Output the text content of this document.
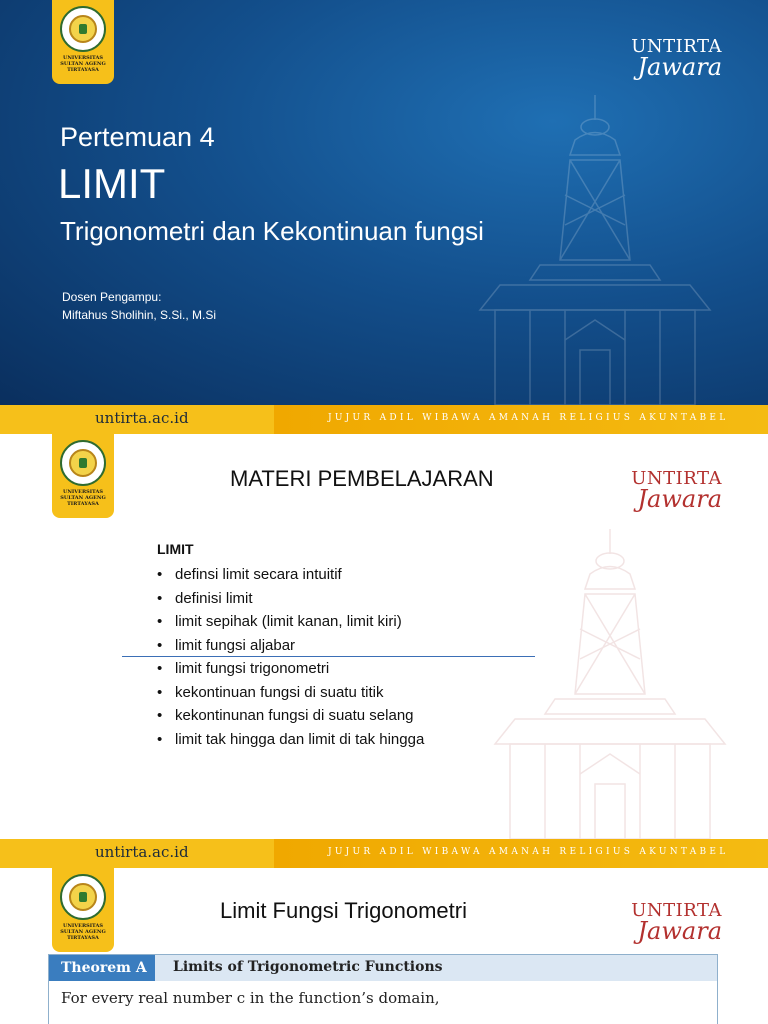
UNIVERSITAS
SULTAN AGENG
TIRTAYASA
UNTIRTA
Jawara
Pertemuan 4
LIMIT
Trigonometri dan Kekontinuan fungsi
Dosen Pengampu:
Miftahus Sholihin, S.Si., M.Si
untirta.ac.id	JUJUR ADIL WIBAWA AMANAH RELIGIUS AKUNTABEL
UNIVERSITAS
SULTAN AGENG
TIRTAYASA
UNTIRTA
Jawara
MATERI PEMBELAJARAN
LIMIT
• definsi limit secara intuitif
• definisi limit
• limit sepihak (limit kanan, limit kiri)
• limit fungsi aljabar
• limit fungsi trigonometri
• kekontinuan fungsi di suatu titik
• kekontinunan fungsi di suatu selang
• limit tak hingga dan limit di tak hingga
untirta.ac.id	JUJUR ADIL WIBAWA AMANAH RELIGIUS AKUNTABEL
UNIVERSITAS
SULTAN AGENG
TIRTAYASA
UNTIRTA
Jawara
Limit Fungsi Trigonometri
Theorem A	Limits of Trigonometric Functions
For every real number c in the function’s domain,
